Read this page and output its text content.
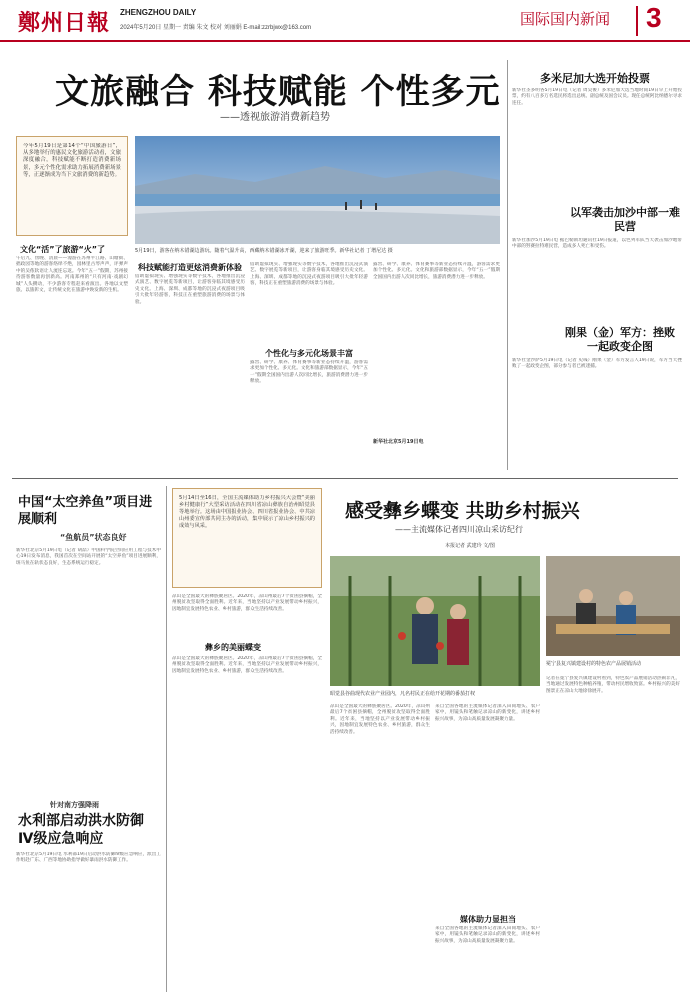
鄭州日報 ZHENGZHOU DAILY
2024年5月20日 星期一 责编 朱文 校对 刘丽娟 E-mail:zzrbjwx@163.com	国际国内新闻 3
文旅融合 科技赋能 个性多元
——透视旅游消费新趋势
今年5月19日是第14个“中国旅游日”，从多地举行的惠民文化旅游活动看，文旅深度融合，科技赋能不断打造消费新场景，多元个性化需求助力拓展消费新场景等，正逐渐成为当下文旅消费的新趋势。
文化“活”了旅游“火”了
午后九、傍晚、清晨——漫游在苏州平江路、山塘街、拙政园等地的游客络绎不绝，园林里古琴声声，评弹声中的吴侬软语让人流连忘返。今年“五一”假期，苏州接待游客数量再创新高。河南郑州的“只有河南·戏剧幻城”人头攒动，不少游客专程赶来看演出。各地以文塑旅、以旅彰文，让传统文化在旅游中焕发新的生机。
5月19日，游客在纳木错湖边游玩。随着气温升高，西藏纳木错湖冰开湖，迎来了旅游旺季。新华社记者 丁增尼达 摄
科技赋能打造更炫消费新体验
借助虚拟现实、增强现实等数字技术，各地推出沉浸式演艺、数字展览等新项目，让游客身临其境感受历史文化。上海、深圳、成都等地的沉浸式夜游项目吸引大批年轻游客，科技正在重塑旅游消费的场景与体验。
借助虚拟现实、增强现实等数字技术，各地推出沉浸式演艺、数字展览等新项目，让游客身临其境感受历史文化。上海、深圳、成都等地的沉浸式夜游项目吸引大批年轻游客，科技正在重塑旅游消费的场景与体验。
个性化与多元化场景丰富
露营、研学、康养、体育赛事等新业态持续升温，游客需求更加个性化、多元化。文化和旅游部数据显示，今年“五一”假期全国国内出游人次同比增长，旅游消费潜力进一步释放。
露营、研学、康养、体育赛事等新业态持续升温，游客需求更加个性化、多元化。文化和旅游部数据显示，今年“五一”假期全国国内出游人次同比增长，旅游消费潜力进一步释放。
新华社北京5月19日电
多米尼加大选开始投票
新华社圣多明各5月19日电（记者 周昊俊）多米尼加大选当地时间19日早上开始投票，约有八百多万名选民将选出总统、副总统及国会议员。现任总统阿比纳德尔寻求连任。
以军袭击加沙中部一难民营
新华社加沙5月19日电 据巴勒斯坦通讯社19日报道，以色列军队当天袭击加沙地带中部的努赛拉特难民营，造成多人死亡和受伤。
刚果（金）军方：挫败一起政变企图
新华社金沙萨5月19日电（记者 史彧）刚果（金）军方发言人19日说，军方当天挫败了一起政变企图，部分参与者已被逮捕。
中国“太空养鱼”项目进展顺利
“鱼航员”状态良好
新华社北京5月19日电（记者 胡喆）中国科学院空间应用工程与技术中心19日发布消息，我国首次在空间站开展的“太空养鱼”项目进展顺利，斑马鱼在轨状态良好，生态系统运行稳定。
针对南方强降雨
水利部启动洪水防御Ⅳ级应急响应
新华社北京5月19日电 水利部19日启动洪水防御Ⅳ级应急响应，派出工作组赴广东、广西等地协助指导做好暴雨洪水防御工作。
5月14日至16日，全国主流媒体助力乡村振兴大会暨“美丽乡村健康行”大型采访活动在四川省凉山彝族自治州昭觉县等地举行。这场由中国报业协会、四川省报业协会、中共凉山州委宣传部共同主办的活动，集中展示了凉山乡村振兴的成效与风采。
感受彝乡蝶变 共助乡村振兴
——主流媒体记者四川凉山采访纪行
本报记者 武建玲 文/图
昭觉县谷曲现代农业产业园内，凡名村民正在给开花期的番茄打杈
冕宁县复兴镇建设村的特色农产品展销活动
凉山是全国最大的彝族聚居区。2020年，凉山州最后7个贫困县摘帽，全州脱贫攻坚取得全面胜利。近年来，当地坚持以产业发展带动乡村振兴，因地制宜发展特色农业、乡村旅游，群众生活持续改善。
彝乡的美丽蝶变
凉山是全国最大的彝族聚居区。2020年，凉山州最后7个贫困县摘帽，全州脱贫攻坚取得全面胜利。近年来，当地坚持以产业发展带动乡村振兴，因地制宜发展特色农业、乡村旅游，群众生活持续改善。
凉山是全国最大的彝族聚居区。2020年，凉山州最后7个贫困县摘帽，全州脱贫攻坚取得全面胜利。近年来，当地坚持以产业发展带动乡村振兴，因地制宜发展特色农业、乡村旅游，群众生活持续改善。
来自全国各地的主流媒体记者深入田间地头、农户家中，用镜头和笔触记录凉山的新变化，讲述乡村振兴故事，为凉山高质量发展凝聚力量。
媒体助力显担当
来自全国各地的主流媒体记者深入田间地头、农户家中，用镜头和笔触记录凉山的新变化，讲述乡村振兴故事，为凉山高质量发展凝聚力量。
记者在冕宁县复兴镇建设村看到，特色农产品展销活动热闹非凡，当地通过发展特色种植养殖，带动村民增收致富。乡村振兴的美好图景正在凉山大地徐徐展开。
